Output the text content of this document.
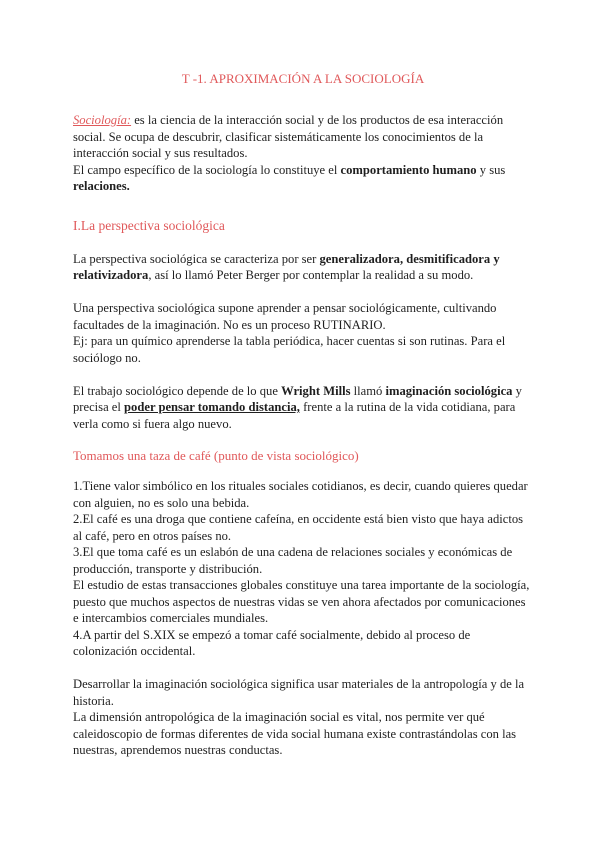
T -1. APROXIMACIÓN A LA SOCIOLOGÍA

Sociología: es la ciencia de la interacción social y de los productos de esa interacción social. Se ocupa de descubrir, clasificar sistemáticamente los conocimientos de la interacción social y sus resultados.

El campo específico de la sociología lo constituye el comportamiento humano y sus relaciones.

I.La perspectiva sociológica

La perspectiva sociológica se caracteriza por ser generalizadora, desmitificadora y relativizadora, así lo llamó Peter Berger por contemplar la realidad a su modo.

Una perspectiva sociológica supone aprender a pensar sociológicamente, cultivando facultades de la imaginación. No es un proceso RUTINARIO.

Ej: para un químico aprenderse la tabla periódica, hacer cuentas si son rutinas. Para el sociólogo no.

El trabajo sociológico depende de lo que Wright Mills llamó imaginación sociológica y precisa el poder pensar tomando distancia, frente a la rutina de la vida cotidiana, para verla como si fuera algo nuevo.

Tomamos una taza de café (punto de vista sociológico)

1.Tiene valor simbólico en los rituales sociales cotidianos, es decir, cuando quieres quedar con alguien, no es solo una bebida.

2.El café es una droga que contiene cafeína, en occidente está bien visto que haya adictos al café, pero en otros países no.

3.El que toma café es un eslabón de una cadena de relaciones sociales y económicas de producción, transporte y distribución.

El estudio de estas transacciones globales constituye una tarea importante de la sociología, puesto que muchos aspectos de nuestras vidas se ven ahora afectados por comunicaciones e intercambios comerciales mundiales.

4.A partir del S.XIX se empezó a tomar café socialmente, debido al proceso de colonización occidental.

Desarrollar la imaginación sociológica significa usar materiales de la antropología y de la historia.

La dimensión antropológica de la imaginación social es vital, nos permite ver qué caleidoscopio de formas diferentes de vida social humana existe contrastándolas con las nuestras, aprendemos nuestras conductas.
